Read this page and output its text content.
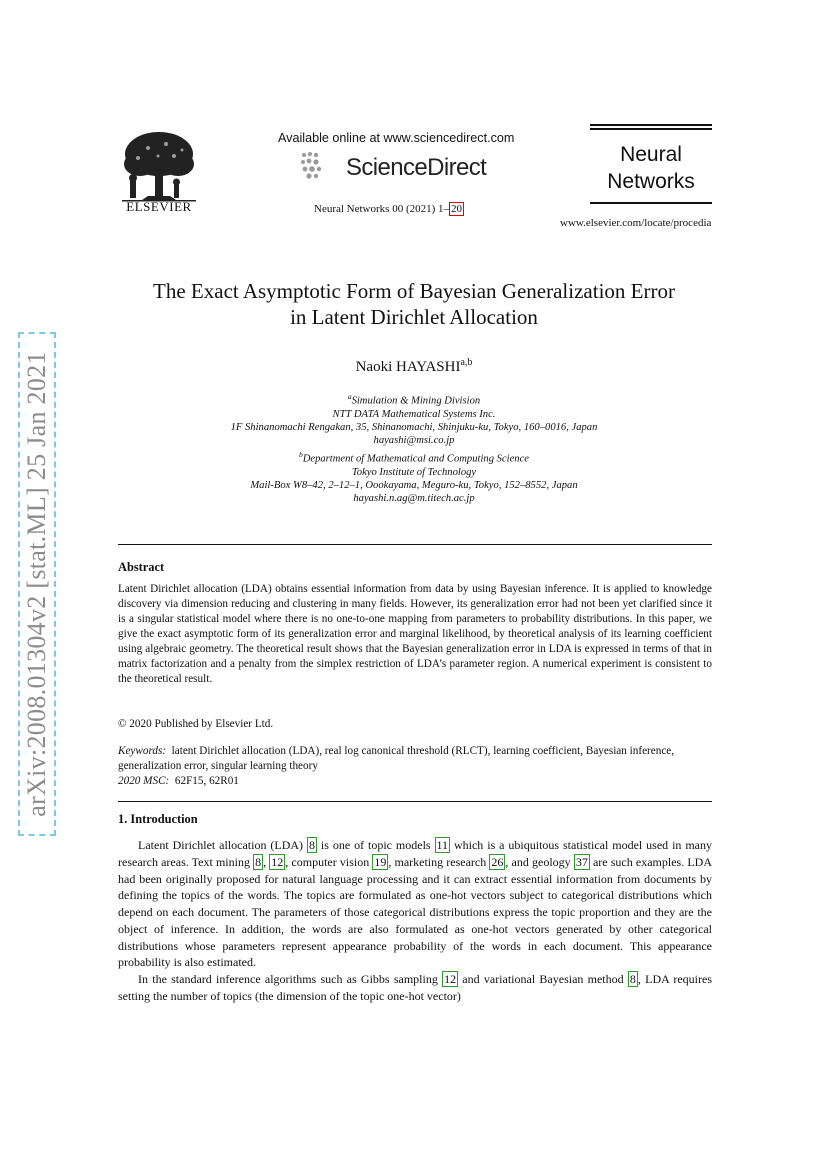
ELSEVIER
Available online at www.sciencedirect.com
ScienceDirect
Neural Networks 00 (2021) 1– 20
Neural
Networks
www.elsevier.com/locate/procedia
arXiv:2008.01304v2 [stat.ML] 25 Jan 2021
The Exact Asymptotic Form of Bayesian Generalization Error
in Latent Dirichlet Allocation
Naoki HAYASHI$^{a,b}$
$^a$Simulation & Mining Division
NTT DATA Mathematical Systems Inc.
1F Shinanomachi Rengakan, 35, Shinanomachi, Shinjuku-ku, Tokyo, 160–0016, Japan
hayashi@msi.co.jp
$^b$Department of Mathematical and Computing Science
Tokyo Institute of Technology
Mail-Box W8–42, 2–12–1, Oookayama, Meguro-ku, Tokyo, 152–8552, Japan
hayashi.n.ag@m.titech.ac.jp
Abstract
Latent Dirichlet allocation (LDA) obtains essential information from data by using Bayesian inference. It is applied to knowledge discovery via dimension reducing and clustering in many fields. However, its generalization error had not been yet clarified since it is a singular statistical model where there is no one-to-one mapping from parameters to probability distributions. In this paper, we give the exact asymptotic form of its generalization error and marginal likelihood, by theoretical analysis of its learning coefficient using algebraic geometry. The theoretical result shows that the Bayesian generalization error in LDA is expressed in terms of that in matrix factorization and a penalty from the simplex restriction of LDA’s parameter region. A numerical experiment is consistent to the theoretical result.
© 2020 Published by Elsevier Ltd.
Keywords: latent Dirichlet allocation (LDA), real log canonical threshold (RLCT), learning coefficient, Bayesian inference, generalization error, singular learning theory
2020 MSC: 62F15, 62R01
1. Introduction

Latent Dirichlet allocation (LDA) 8 is one of topic models 11 which is a ubiquitous statistical model used in many research areas. Text mining 8 , 12 , computer vision 19 , marketing research 26 , and geology 37 are such examples. LDA had been originally proposed for natural language processing and it can extract essential information from documents by defining the topics of the words. The topics are formulated as one-hot vectors subject to categorical distributions which depend on each document. The parameters of those categorical distributions express the topic proportion and they are the object of inference. In addition, the words are also formulated as one-hot vectors generated by other categorical distributions whose parameters represent appearance probability of the words in each document. This appearance probability is also estimated.

In the standard inference algorithms such as Gibbs sampling 12 and variational Bayesian method 8 , LDA requires setting the number of topics (the dimension of the topic one-hot vector)
